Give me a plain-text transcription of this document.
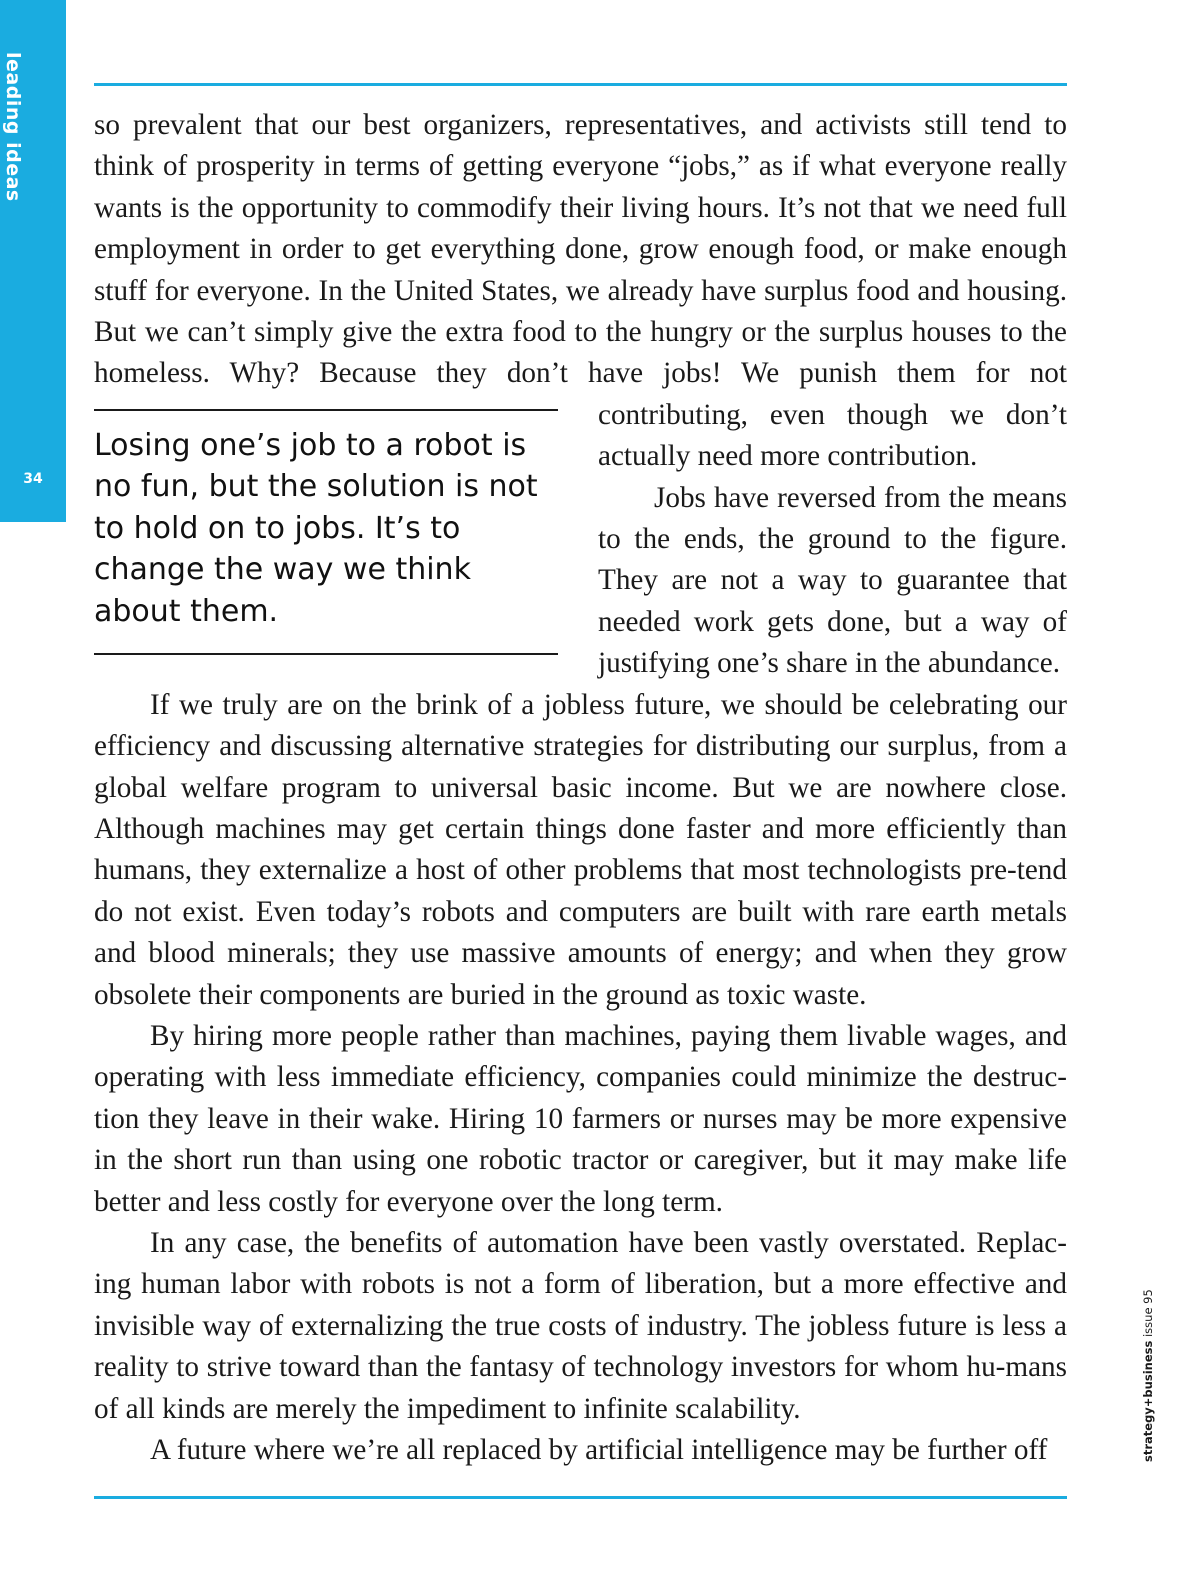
leading ideas
34

so prevalent that our best organizers, representatives, and activists still tend to think of prosperity in terms of getting everyone “jobs,” as if what everyone really wants is the opportunity to commodify their living hours. It’s not that we need full employment in order to get everything done, grow enough food, or make enough stuff for everyone. In the United States, we already have surplus food and housing. But we can’t simply give the extra food to the hungry or the surplus houses to the homeless. Why? Because they don’t have jobs! We punish them for not
Losing one’s job to a robot is no fun, but the solution is not to hold on to jobs. It’s to change the way we think about them.
contributing, even though we don’t actually need more contribution.

Jobs have reversed from the means to the ends, the ground to the figure. They are not a way to guarantee that needed work gets done, but a way of justifying one’s share in the abundance.

If we truly are on the brink of a jobless future, we should be celebrating our efficiency and discussing alternative strategies for distributing our surplus, from a global welfare program to universal basic income. But we are nowhere close. Although machines may get certain things done faster and more efficiently than humans, they externalize a host of other problems that most technologists pre-tend do not exist. Even today’s robots and computers are built with rare earth metals and blood minerals; they use massive amounts of energy; and when they grow obsolete their components are buried in the ground as toxic waste.

By hiring more people rather than machines, paying them livable wages, and operating with less immediate efficiency, companies could minimize the destruc-tion they leave in their wake. Hiring 10 farmers or nurses may be more expensive in the short run than using one robotic tractor or caregiver, but it may make life better and less costly for everyone over the long term.

In any case, the benefits of automation have been vastly overstated. Replac-ing human labor with robots is not a form of liberation, but a more effective and invisible way of externalizing the true costs of industry. The jobless future is less a reality to strive toward than the fantasy of technology investors for whom hu-mans of all kinds are merely the impediment to infinite scalability.

A future where we’re all replaced by artificial intelligence may be further off	strategy+business issue 95
